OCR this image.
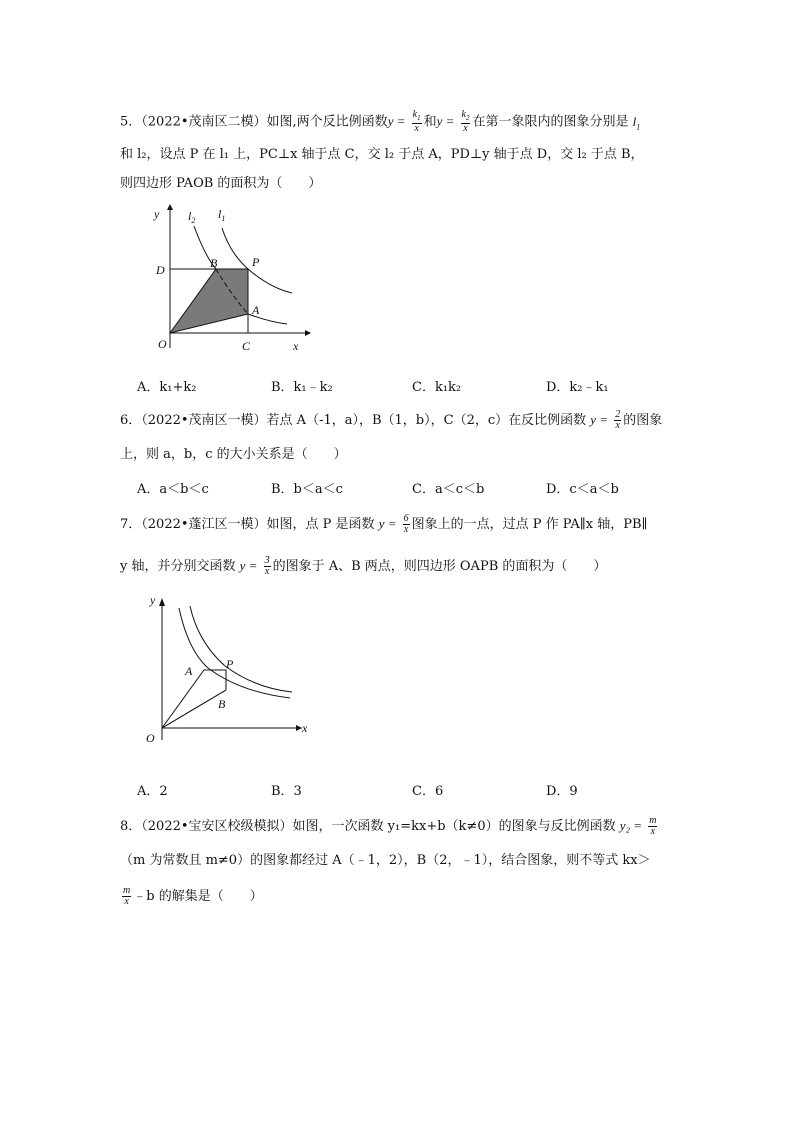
5．（2022•茂南区二模）如图,两个反比例函数$y = \frac{k_1}{x}$ 和$y = \frac{k_2}{x}$ 在第一象限内的图象分别是 $l_1$
和 l₂，设点 P 在 l₁ 上，PC⊥x 轴于点 C，交 l₂ 于点 A，PD⊥y 轴于点 D，交 l₂ 于点 B，
则四边形 PAOB 的面积为（　　）
y
x
O	C
D	B	P
A
$l_2$ $l_1$
A．k₁+k₂	B．k₁﹣k₂	C．k₁k₂	D．k₂﹣k₁
6．（2022•茂南区一模）若点 A（-1，a），B（1，b），C（2，c）在反比例函数 $y = \frac{2}{x}$ 的图象
上，则 a，b，c 的大小关系是（　　）
A．a＜b＜c	B．b＜a＜c	C．a＜c＜b	D．c＜a＜b
7．（2022•蓬江区一模）如图，点 P 是函数 $y = \frac{6}{x}$ 图象上的一点，过点 P 作 PA∥x 轴，PB∥
y 轴，并分别交函数 $y = \frac{3}{x}$ 的图象于 A、B 两点，则四边形 OAPB 的面积为（　　）
y
x
O
A	P
B
A．2	B．3	C．6	D．9
8．（2022•宝安区校级模拟）如图，一次函数 y₁=kx+b（k≠0）的图象与反比例函数 $y_2 = \frac{m}{x}$
（m 为常数且 m≠0）的图象都经过 A（﹣1，2），B（2，﹣1），结合图象，则不等式 kx＞
$\frac{m}{x}$ ﹣b 的解集是（　　）
